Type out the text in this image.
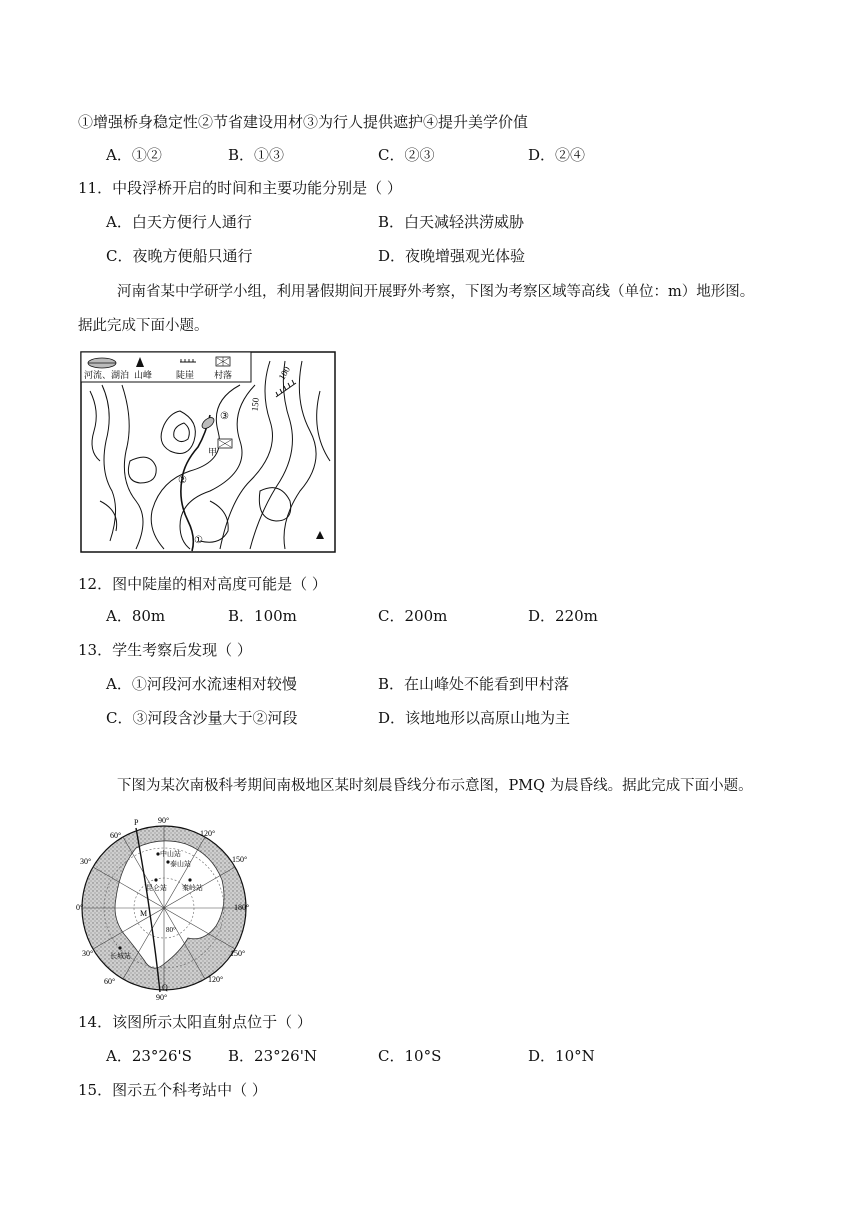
①增强桥身稳定性②节省建设用材③为行人提供遮护④提升美学价值
A．①②	B．①③	C．②③	D．②④
11．中段浮桥开启的时间和主要功能分别是（ ）
A．白天方便行人通行	B．白天减轻洪涝威胁
C．夜晚方便船只通行	D．夜晚增强观光体验
河南省某中学研学小组，利用暑假期间开展野外考察，下图为考察区域等高线（单位：m）地形图。
据此完成下面小题。
河流、湖泊 山峰	陡崖 村落	100
150
③
②
①
甲
12．图中陡崖的相对高度可能是（ ）
A．80m	B．100m	C．200m	D．220m
13．学生考察后发现（ ）
A．①河段河水流速相对较慢	B．在山峰处不能看到甲村落
C．③河段含沙量大于②河段	D．该地地形以高原山地为主
下图为某次南极科考期间南极地区某时刻晨昏线分布示意图，PMQ 为晨昏线。据此完成下面小题。
90°
P
60°	120°
30°	150°
0°	180°
30°	150°
60°	120°
90°
M
Q
80°
中山站
泰山站
昆仑站 秦岭站
长城站
14．该图所示太阳直射点位于（ ）
A．23°26'S B．23°26'N	C．10°S	D．10°N
15．图示五个科考站中（ ）
